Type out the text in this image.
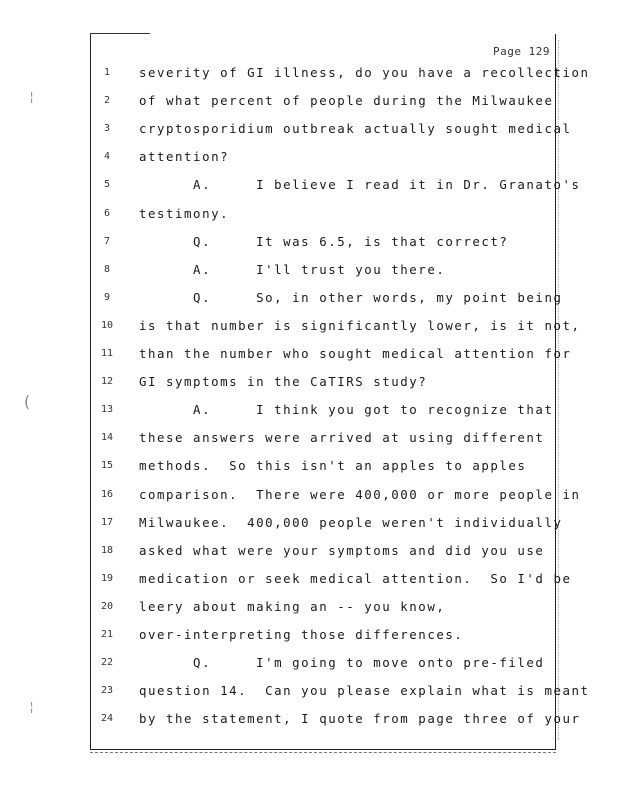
¦
(
¦
Page 129
1	severity of GI illness, do you have a recollection
2	of what percent of people during the Milwaukee
3	cryptosporidium outbreak actually sought medical
4	attention?
5	A.     I believe I read it in Dr. Granato's
6	testimony.
7	Q.     It was 6.5, is that correct?
8	A.     I'll trust you there.
9	Q.     So, in other words, my point being
10	is that number is significantly lower, is it not,
11	than the number who sought medical attention for
12	GI symptoms in the CaTIRS study?
13	A.     I think you got to recognize that
14	these answers were arrived at using different
15	methods.  So this isn't an apples to apples
16	comparison.  There were 400,000 or more people in
17	Milwaukee.  400,000 people weren't individually
18	asked what were your symptoms and did you use
19	medication or seek medical attention.  So I'd be
20	leery about making an -- you know,
21	over-interpreting those differences.
22	Q.     I'm going to move onto pre-filed
23	question 14.  Can you please explain what is meant
24	by the statement, I quote from page three of your
